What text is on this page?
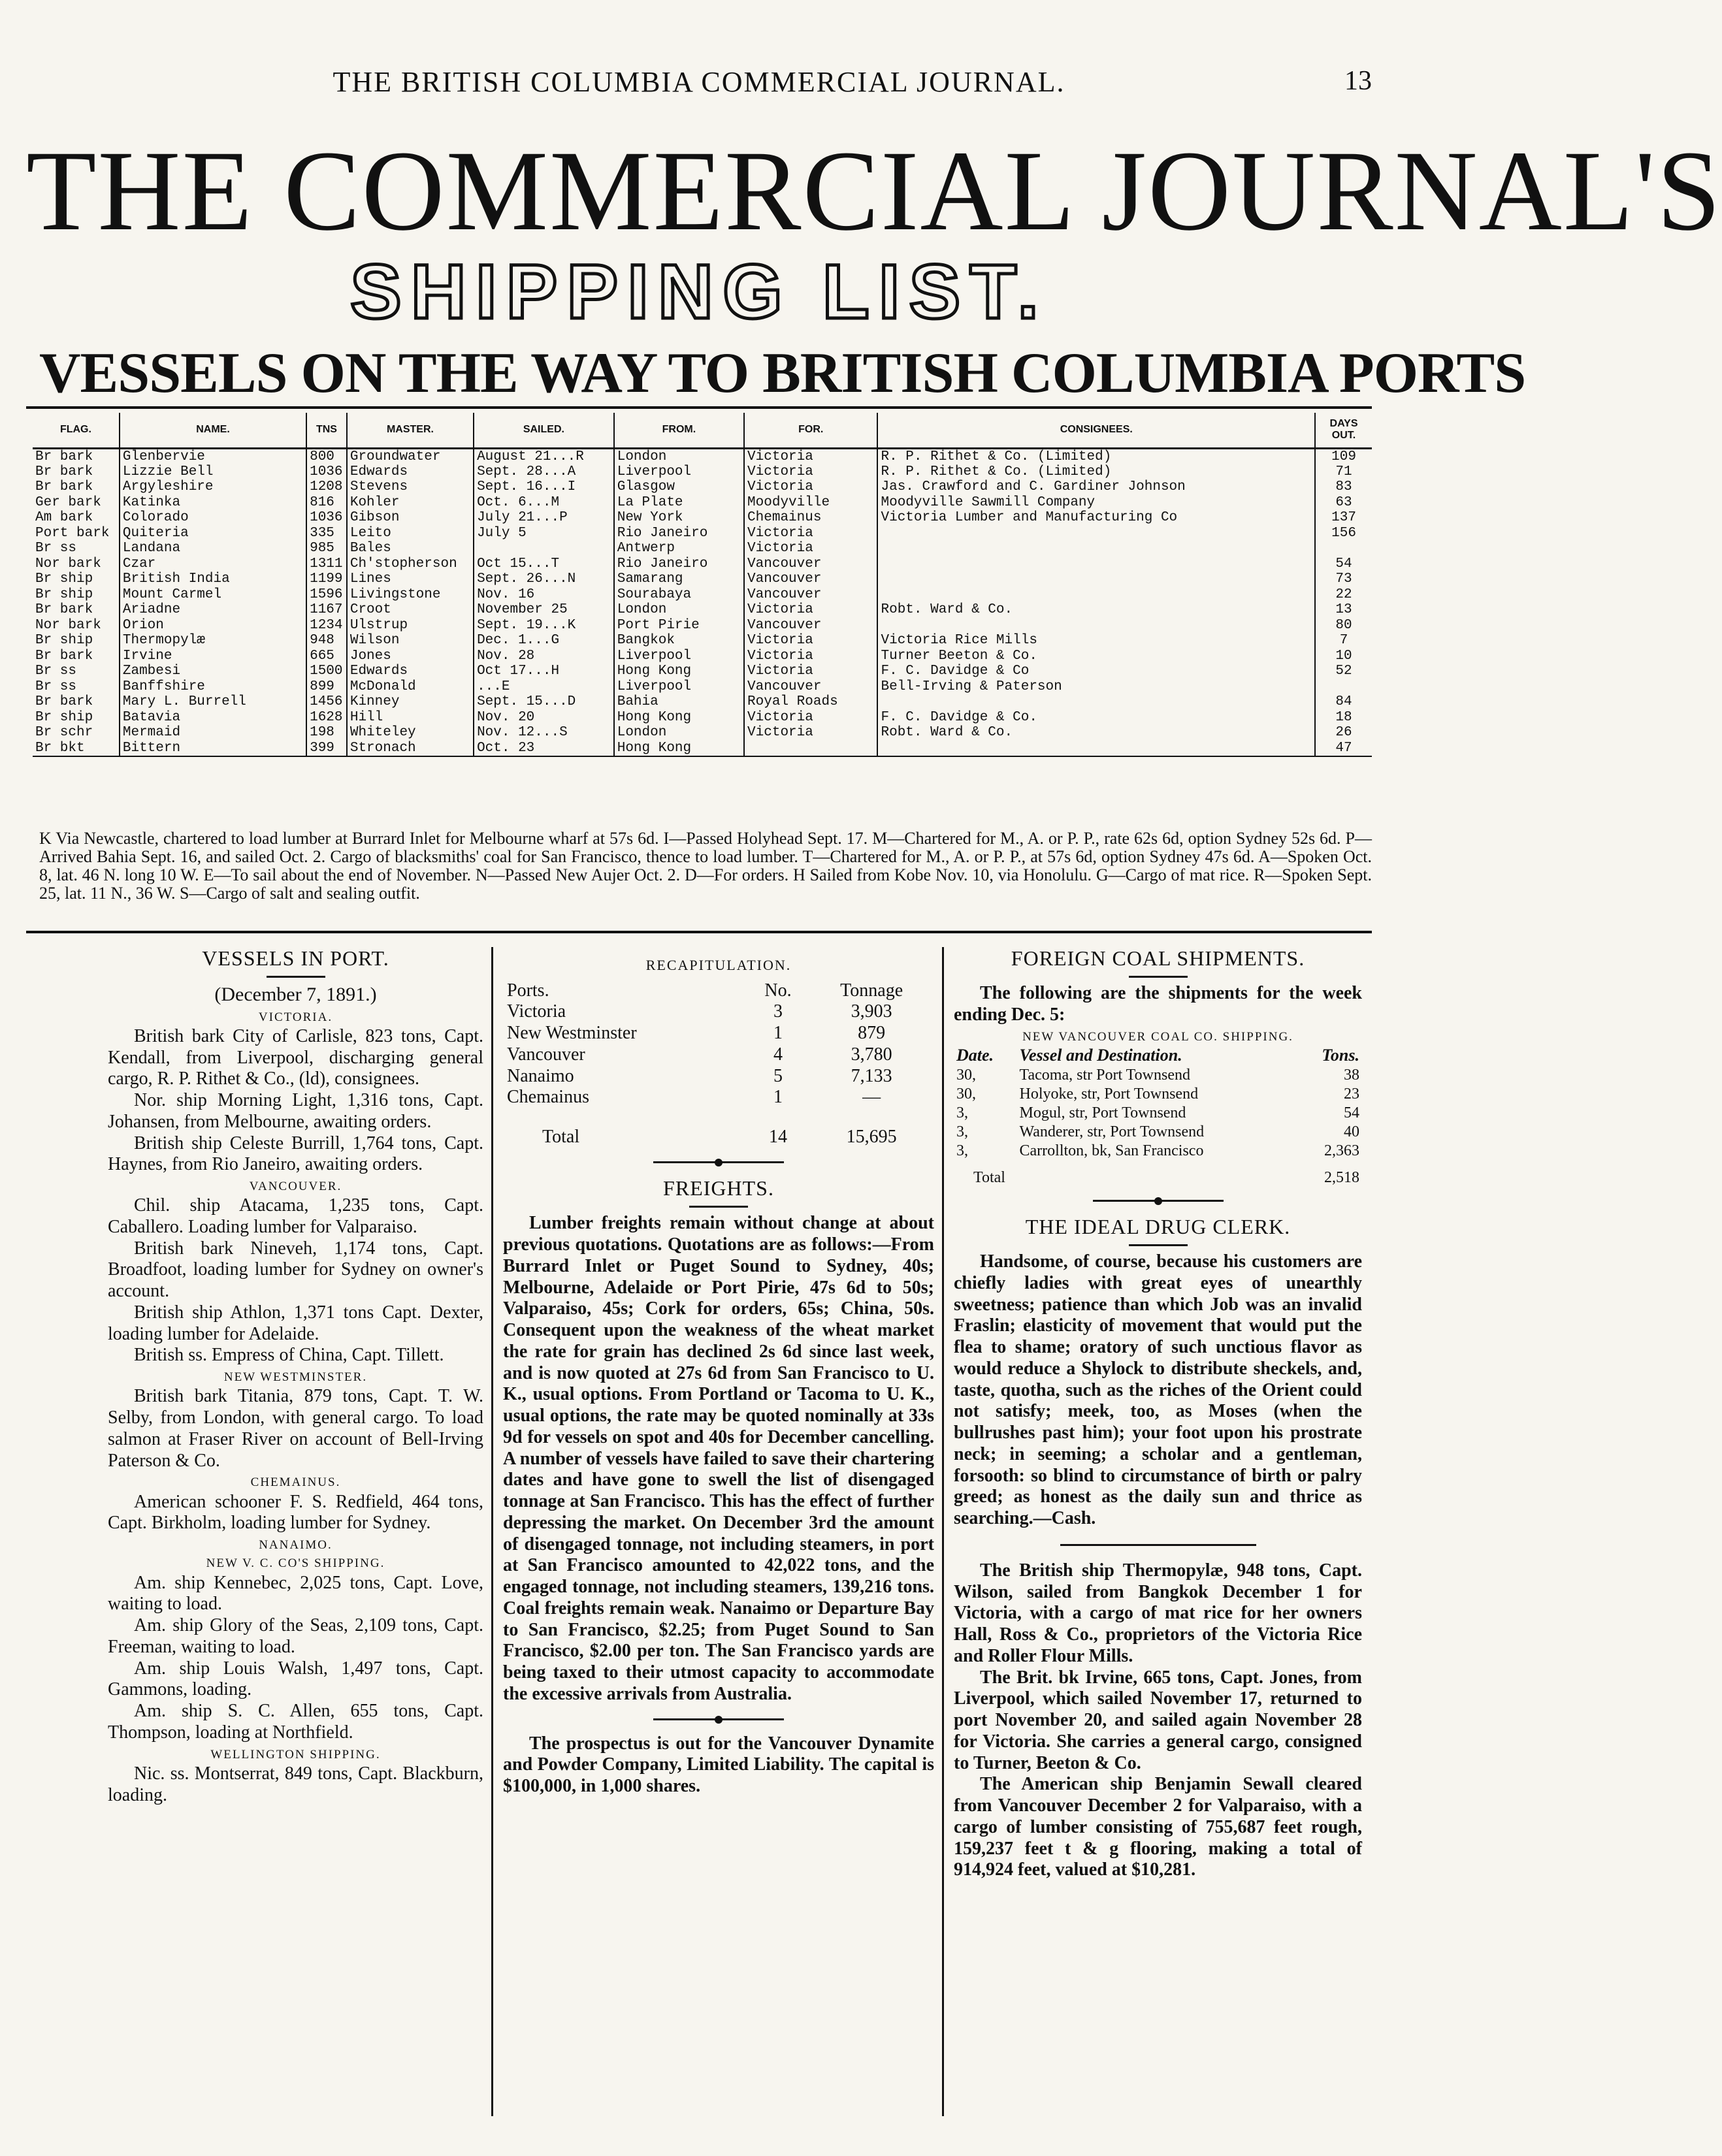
THE BRITISH COLUMBIA COMMERCIAL JOURNAL.	13
THE COMMERCIAL JOURNAL'S
SHIPPING LIST.
VESSELS ON THE WAY TO BRITISH COLUMBIA PORTS
FLAG.	NAME.	TNS	MASTER.	SAILED.	FROM.	FOR.	CONSIGNEES.	DAYS OUT.
Br bark	Glenbervie	800	Groundwater	August 21...R	London	Victoria	R. P. Rithet & Co. (Limited)	109
Br bark	Lizzie Bell	1036	Edwards	Sept. 28...A	Liverpool	Victoria	R. P. Rithet & Co. (Limited)	71
Br bark	Argyleshire	1208	Stevens	Sept. 16...I	Glasgow	Victoria	Jas. Crawford and C. Gardiner Johnson	83
Ger bark	Katinka	816	Kohler	Oct. 6...M	La Plate	Moodyville	Moodyville Sawmill Company	63
Am bark	Colorado	1036	Gibson	July 21...P	New York	Chemainus	Victoria Lumber and Manufacturing Co	137
Port bark	Quiteria	335	Leito	July 5	Rio Janeiro	Victoria		156
Br ss	Landana	985	Bales		Antwerp	Victoria		
Nor bark	Czar	1311	Ch'stopherson	Oct 15...T	Rio Janeiro	Vancouver		54
Br ship	British India	1199	Lines	Sept. 26...N	Samarang	Vancouver		73
Br ship	Mount Carmel	1596	Livingstone	Nov. 16	Sourabaya	Vancouver		22
Br bark	Ariadne	1167	Croot	November 25	London	Victoria	Robt. Ward & Co.	13
Nor bark	Orion	1234	Ulstrup	Sept. 19...K	Port Pirie	Vancouver		80
Br ship	Thermopylæ	948	Wilson	Dec. 1...G	Bangkok	Victoria	Victoria Rice Mills	7
Br bark	Irvine	665	Jones	Nov. 28	Liverpool	Victoria	Turner Beeton & Co.	10
Br ss	Zambesi	1500	Edwards	Oct 17...H	Hong Kong	Victoria	F. C. Davidge & Co	52
Br ss	Banffshire	899	McDonald	...E	Liverpool	Vancouver	Bell-Irving & Paterson	
Br bark	Mary L. Burrell	1456	Kinney	Sept. 15...D	Bahia	Royal Roads		84
Br ship	Batavia	1628	Hill	Nov. 20	Hong Kong	Victoria	F. C. Davidge & Co.	18
Br schr	Mermaid	198	Whiteley	Nov. 12...S	London	Victoria	Robt. Ward & Co.	26
Br bkt	Bittern	399	Stronach	Oct. 23	Hong Kong			47
K Via Newcastle, chartered to load lumber at Burrard Inlet for Melbourne wharf at 57s 6d. I—Passed Holyhead Sept. 17. M—Chartered for M., A. or P. P., rate 62s 6d, option Sydney 52s 6d. P—Arrived Bahia Sept. 16, and sailed Oct. 2. Cargo of blacksmiths' coal for San Francisco, thence to load lumber. T—Chartered for M., A. or P. P., at 57s 6d, option Sydney 47s 6d. A—Spoken Oct. 8, lat. 46 N. long 10 W. E—To sail about the end of November. N—Passed New Aujer Oct. 2. D—For orders. H Sailed from Kobe Nov. 10, via Honolulu. G—Cargo of mat rice. R—Spoken Sept. 25, lat. 11 N., 36 W. S—Cargo of salt and sealing outfit.
VESSELS IN PORT.
(December 7, 1891.)
VICTORIA.

British bark City of Carlisle, 823 tons, Capt. Kendall, from Liverpool, discharging general cargo, R. P. Rithet & Co., (ld), consignees.

Nor. ship Morning Light, 1,316 tons, Capt. Johansen, from Melbourne, awaiting orders.

British ship Celeste Burrill, 1,764 tons, Capt. Haynes, from Rio Janeiro, awaiting orders.

VANCOUVER.

Chil. ship Atacama, 1,235 tons, Capt. Caballero. Loading lumber for Valparaiso.

British bark Nineveh, 1,174 tons, Capt. Broadfoot, loading lumber for Sydney on owner's account.

British ship Athlon, 1,371 tons Capt. Dexter, loading lumber for Adelaide.

British ss. Empress of China, Capt. Tillett.

NEW WESTMINSTER.

British bark Titania, 879 tons, Capt. T. W. Selby, from London, with general cargo. To load salmon at Fraser River on account of Bell-Irving Paterson & Co.

CHEMAINUS.

American schooner F. S. Redfield, 464 tons, Capt. Birkholm, loading lumber for Sydney.

NANAIMO.
NEW V. C. CO'S SHIPPING.

Am. ship Kennebec, 2,025 tons, Capt. Love, waiting to load.

Am. ship Glory of the Seas, 2,109 tons, Capt. Freeman, waiting to load.

Am. ship Louis Walsh, 1,497 tons, Capt. Gammons, loading.

Am. ship S. C. Allen, 655 tons, Capt. Thompson, loading at Northfield.

WELLINGTON SHIPPING.

Nic. ss. Montserrat, 849 tons, Capt. Blackburn, loading.

RECAPITULATION.
Ports.	No.	Tonnage
Victoria	3	3,903
New Westminster	1	879
Vancouver	4	3,780
Nanaimo	5	7,133
Chemainus	1	—
Total	14	15,695
FREIGHTS.

Lumber freights remain without change at about previous quotations. Quotations are as follows:—From Burrard Inlet or Puget Sound to Sydney, 40s; Melbourne, Adelaide or Port Pirie, 47s 6d to 50s; Valparaiso, 45s; Cork for orders, 65s; China, 50s. Consequent upon the weakness of the wheat market the rate for grain has declined 2s 6d since last week, and is now quoted at 27s 6d from San Francisco to U. K., usual options. From Portland or Tacoma to U. K., usual options, the rate may be quoted nominally at 33s 9d for vessels on spot and 40s for December cancelling. A number of vessels have failed to save their chartering dates and have gone to swell the list of disengaged tonnage at San Francisco. This has the effect of further depressing the market. On December 3rd the amount of disengaged tonnage, not including steamers, in port at San Francisco amounted to 42,022 tons, and the engaged tonnage, not including steamers, 139,216 tons. Coal freights remain weak. Nanaimo or Departure Bay to San Francisco, $2.25; from Puget Sound to San Francisco, $2.00 per ton. The San Francisco yards are being taxed to their utmost capacity to accommodate the excessive arrivals from Australia.

The prospectus is out for the Vancouver Dynamite and Powder Company, Limited Liability. The capital is $100,000, in 1,000 shares.

FOREIGN COAL SHIPMENTS.

The following are the shipments for the week ending Dec. 5:

NEW VANCOUVER COAL CO. SHIPPING.
Date.	Vessel and Destination.	Tons.
30,	Tacoma, str Port Townsend	38
30,	Holyoke, str, Port Townsend	23
3,	Mogul, str, Port Townsend	54
3,	Wanderer, str, Port Townsend	40
3,	Carrollton, bk, San Francisco	2,363
Total		2,518
THE IDEAL DRUG CLERK.

Handsome, of course, because his customers are chiefly ladies with great eyes of unearthly sweetness; patience than which Job was an invalid Fraslin; elasticity of movement that would put the flea to shame; oratory of such unctious flavor as would reduce a Shylock to distribute sheckels, and, taste, quotha, such as the riches of the Orient could not satisfy; meek, too, as Moses (when the bullrushes past him); your foot upon his prostrate neck; in seeming; a scholar and a gentleman, forsooth: so blind to circumstance of birth or palry greed; as honest as the daily sun and thrice as searching.—Cash.

The British ship Thermopylæ, 948 tons, Capt. Wilson, sailed from Bangkok December 1 for Victoria, with a cargo of mat rice for her owners Hall, Ross & Co., proprietors of the Victoria Rice and Roller Flour Mills.

The Brit. bk Irvine, 665 tons, Capt. Jones, from Liverpool, which sailed November 17, returned to port November 20, and sailed again November 28 for Victoria. She carries a general cargo, consigned to Turner, Beeton & Co.

The American ship Benjamin Sewall cleared from Vancouver December 2 for Valparaiso, with a cargo of lumber consisting of 755,687 feet rough, 159,237 feet t & g flooring, making a total of 914,924 feet, valued at $10,281.
